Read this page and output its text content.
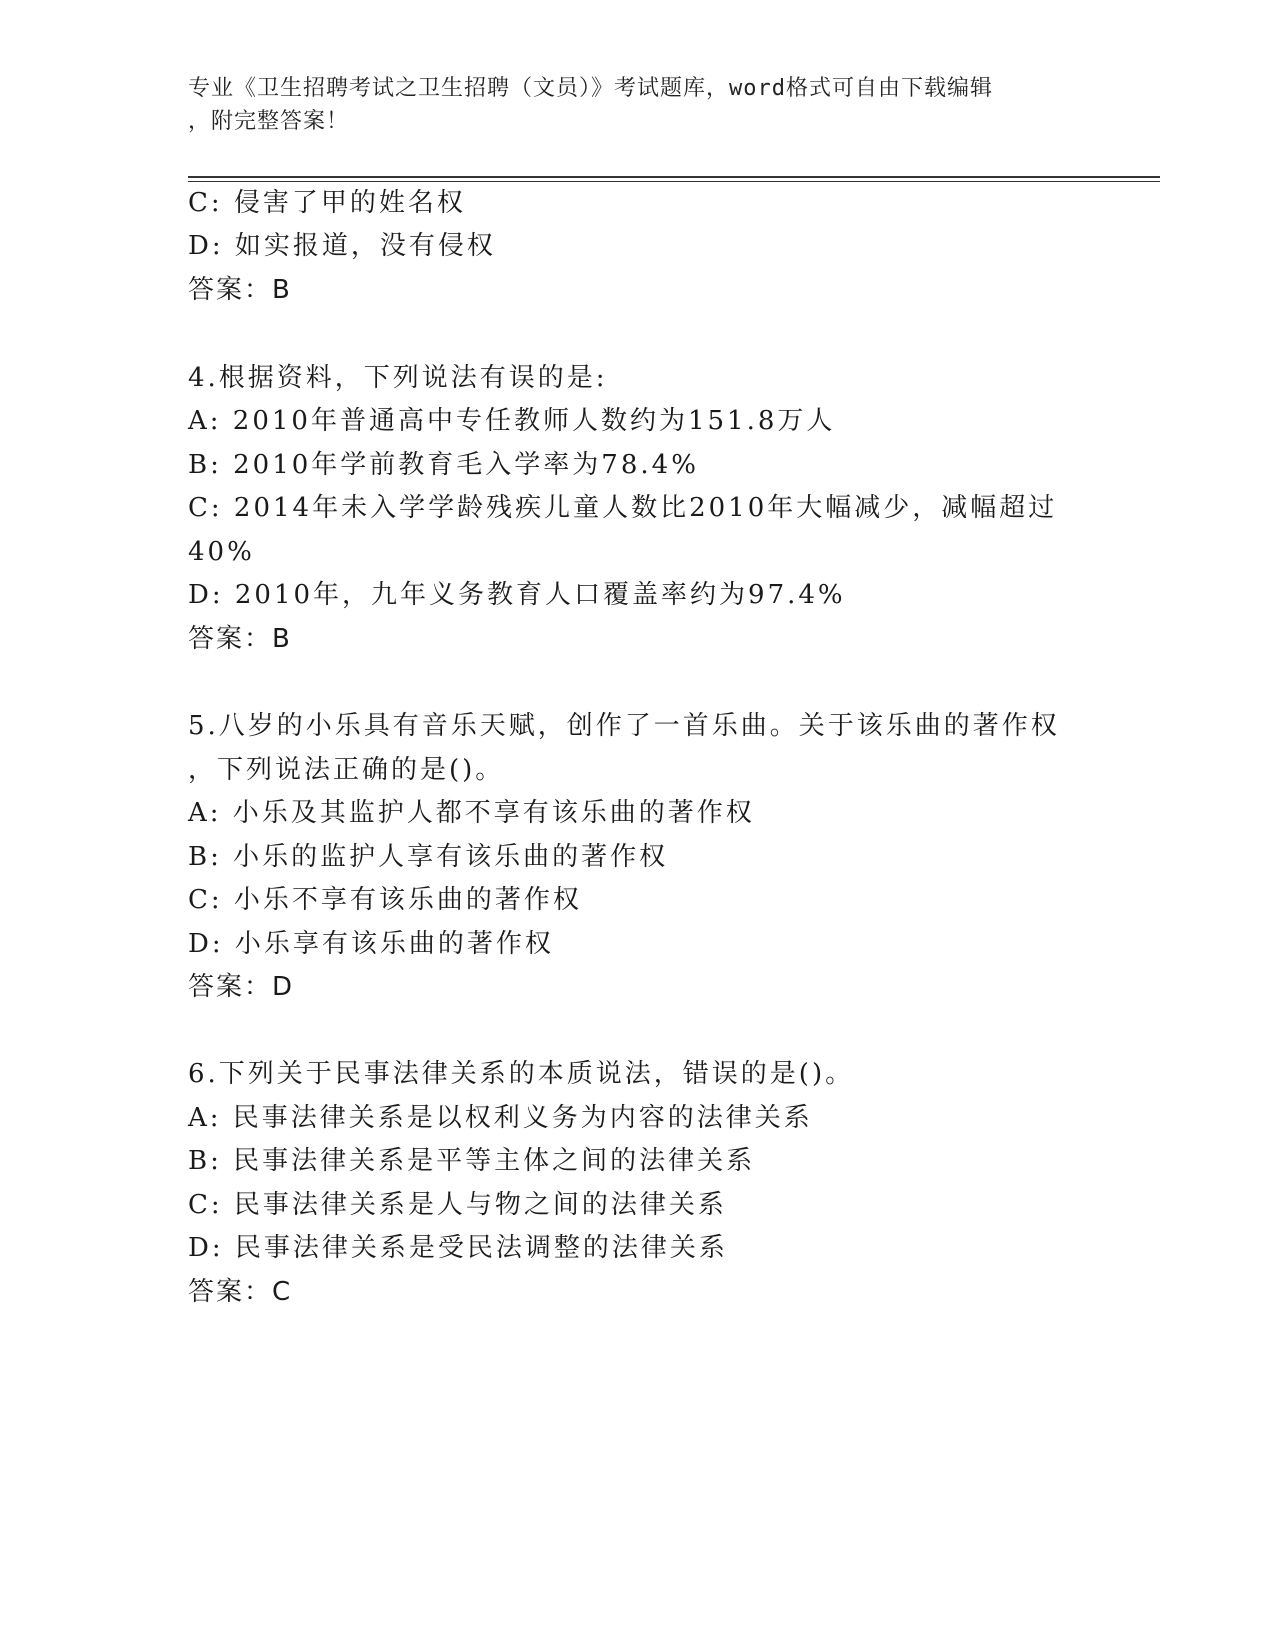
专业《卫生招聘考试之卫生招聘（文员）》考试题库，word格式可自由下载编辑
，附完整答案！
C: 侵害了甲的姓名权
D: 如实报道，没有侵权
答案：B
4.根据资料，下列说法有误的是:
A: 2010年普通高中专任教师人数约为151.8万人
B: 2010年学前教育毛入学率为78.4%
C: 2014年未入学学龄残疾儿童人数比2010年大幅减少，减幅超过
40%
D: 2010年，九年义务教育人口覆盖率约为97.4%
答案：B
5.八岁的小乐具有音乐天赋，创作了一首乐曲。关于该乐曲的著作权
，下列说法正确的是()。
A: 小乐及其监护人都不享有该乐曲的著作权
B: 小乐的监护人享有该乐曲的著作权
C: 小乐不享有该乐曲的著作权
D: 小乐享有该乐曲的著作权
答案：D
6.下列关于民事法律关系的本质说法，错误的是()。
A: 民事法律关系是以权利义务为内容的法律关系
B: 民事法律关系是平等主体之间的法律关系
C: 民事法律关系是人与物之间的法律关系
D: 民事法律关系是受民法调整的法律关系
答案：C
